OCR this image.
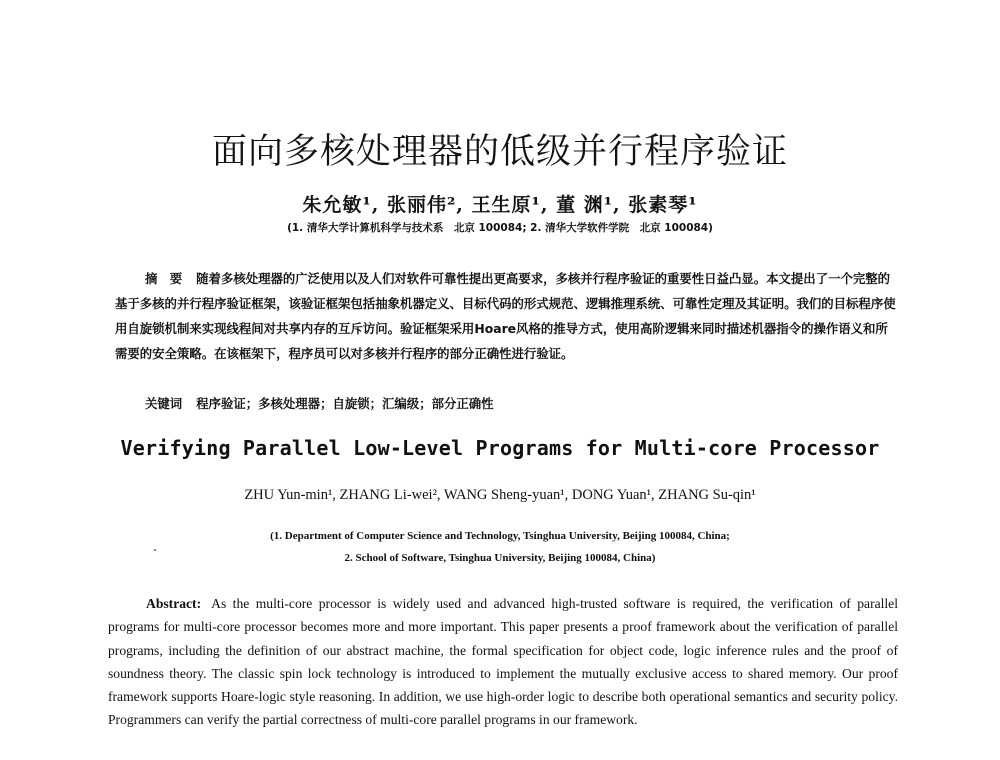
面向多核处理器的低级并行程序验证
朱允敏¹, 张丽伟², 王生原¹, 董 渊¹, 张素琴¹
(1. 清华大学计算机科学与技术系　北京 100084; 2. 清华大学软件学院　北京 100084)
摘　要 随着多核处理器的广泛使用以及人们对软件可靠性提出更高要求，多核并行程序验证的重要性日益凸显。本文提出了一个完整的基于多核的并行程序验证框架，该验证框架包括抽象机器定义、目标代码的形式规范、逻辑推理系统、可靠性定理及其证明。我们的目标程序使用自旋锁机制来实现线程间对共享内存的互斥访问。验证框架采用Hoare风格的推导方式，使用高阶逻辑来同时描述机器指令的操作语义和所需要的安全策略。在该框架下，程序员可以对多核并行程序的部分正确性进行验证。
关键词 程序验证；多核处理器；自旋锁；汇编级；部分正确性
Verifying Parallel Low-Level Programs for Multi-core Processor
ZHU Yun-min¹, ZHANG Li-wei², WANG Sheng-yuan¹, DONG Yuan¹, ZHANG Su-qin¹
(1. Department of Computer Science and Technology, Tsinghua University, Beijing 100084, China;
2. School of Software, Tsinghua University, Beijing 100084, China)
Abstract: As the multi-core processor is widely used and advanced high-trusted software is required, the verification of parallel programs for multi-core processor becomes more and more important. This paper presents a proof framework about the verification of parallel programs, including the definition of our abstract machine, the formal specification for object code, logic inference rules and the proof of soundness theory. The classic spin lock technology is introduced to implement the mutually exclusive access to shared memory. Our proof framework supports Hoare-logic style reasoning. In addition, we use high-order logic to describe both operational semantics and security policy. Programmers can verify the partial correctness of multi-core parallel programs in our framework.
